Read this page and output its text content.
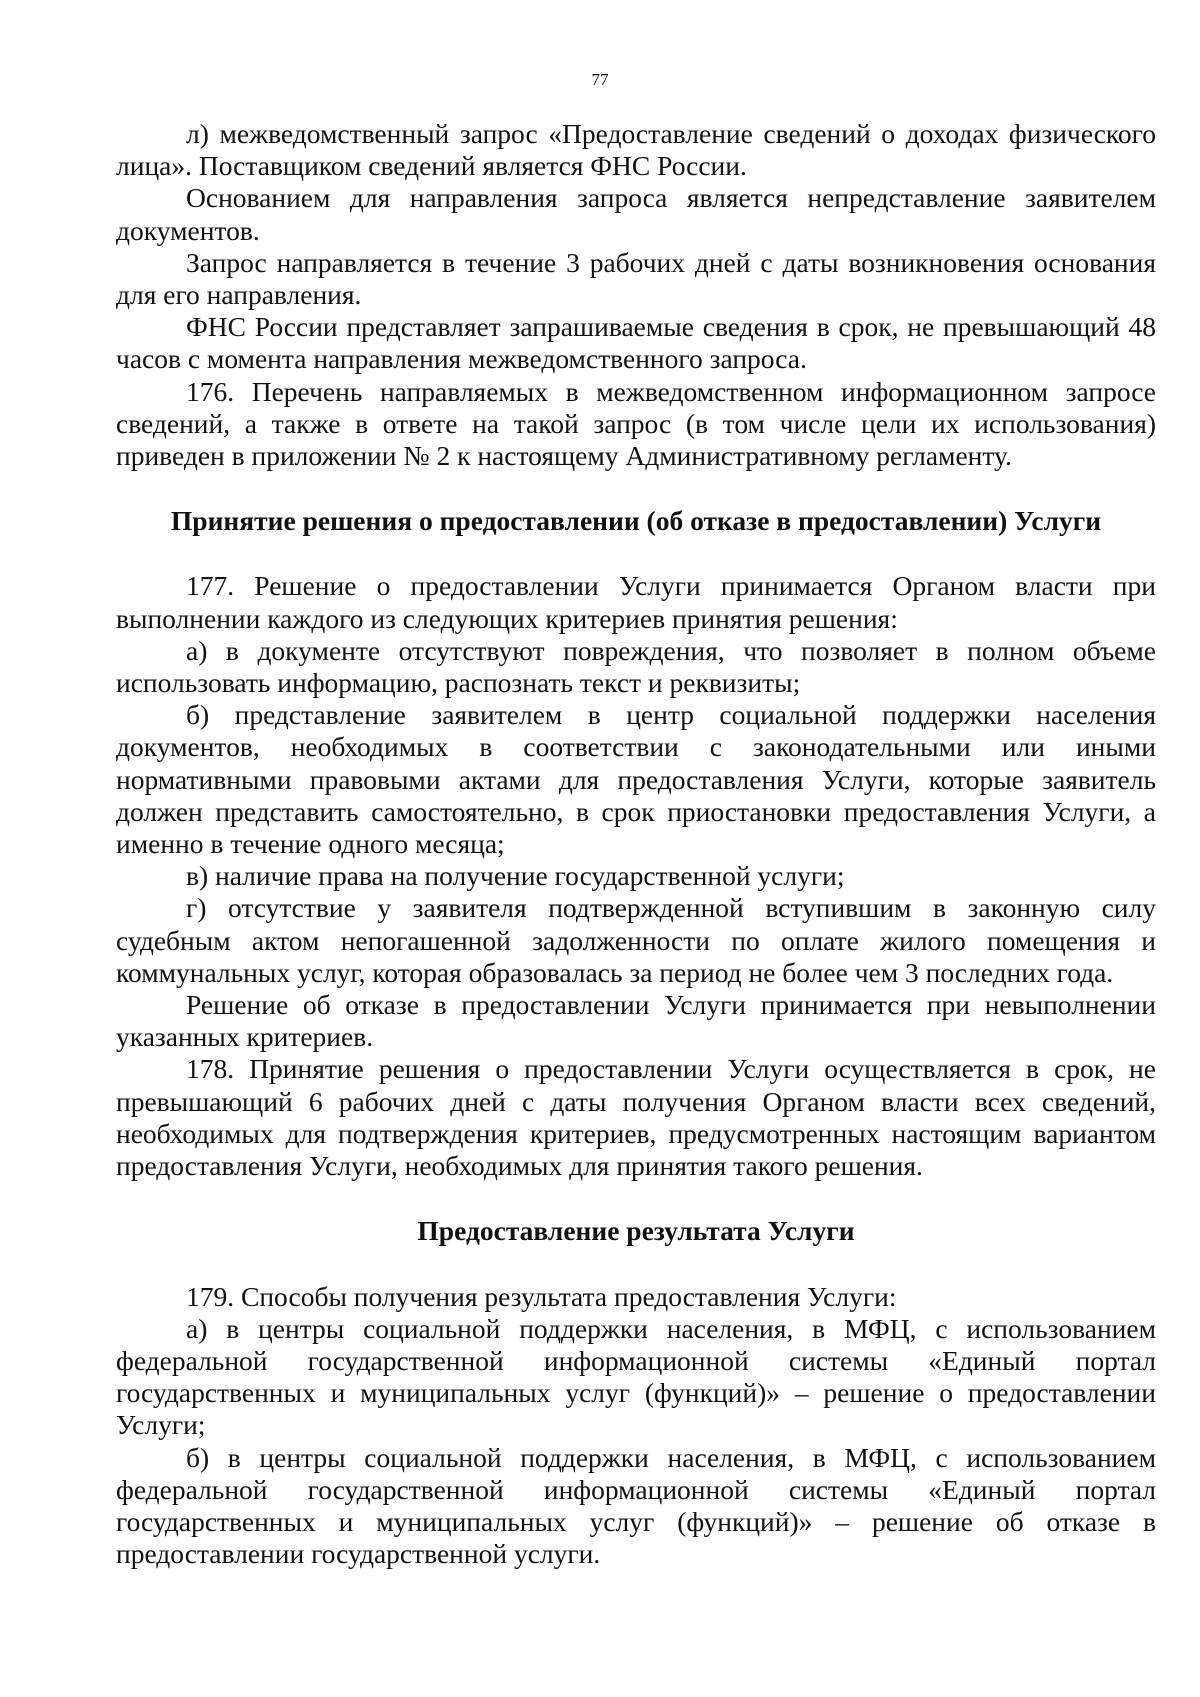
77

л) межведомственный запрос «Предоставление сведений о доходах физического лица». Поставщиком сведений является ФНС России.

Основанием для направления запроса является непредставление заявителем документов.

Запрос направляется в течение 3 рабочих дней с даты возникновения основания для его направления.

ФНС России представляет запрашиваемые сведения в срок, не превышающий 48 часов с момента направления межведомственного запроса.

176. Перечень направляемых в межведомственном информационном запросе сведений, а также в ответе на такой запрос (в том числе цели их использования) приведен в приложении № 2 к настоящему Административному регламенту.

Принятие решения о предоставлении (об отказе в предоставлении) Услуги

177. Решение о предоставлении Услуги принимается Органом власти при выполнении каждого из следующих критериев принятия решения:

а) в документе отсутствуют повреждения, что позволяет в полном объеме использовать информацию, распознать текст и реквизиты;

б) представление заявителем в центр социальной поддержки населения документов, необходимых в соответствии с законодательными или иными нормативными правовыми актами для предоставления Услуги, которые заявитель должен представить самостоятельно, в срок приостановки предоставления Услуги, а именно в течение одного месяца;

в) наличие права на получение государственной услуги;

г) отсутствие у заявителя подтвержденной вступившим в законную силу судебным актом непогашенной задолженности по оплате жилого помещения и коммунальных услуг, которая образовалась за период не более чем 3 последних года.

Решение об отказе в предоставлении Услуги принимается при невыполнении указанных критериев.

178. Принятие решения о предоставлении Услуги осуществляется в срок, не превышающий 6 рабочих дней с даты получения Органом власти всех сведений, необходимых для подтверждения критериев, предусмотренных настоящим вариантом предоставления Услуги, необходимых для принятия такого решения.

Предоставление результата Услуги

179. Способы получения результата предоставления Услуги:

а) в центры социальной поддержки населения, в МФЦ, с использованием федеральной государственной информационной системы «Единый портал государственных и муниципальных услуг (функций)» – решение о предоставлении Услуги;

б) в центры социальной поддержки населения, в МФЦ, с использованием федеральной государственной информационной системы «Единый портал государственных и муниципальных услуг (функций)» – решение об отказе в предоставлении государственной услуги.
